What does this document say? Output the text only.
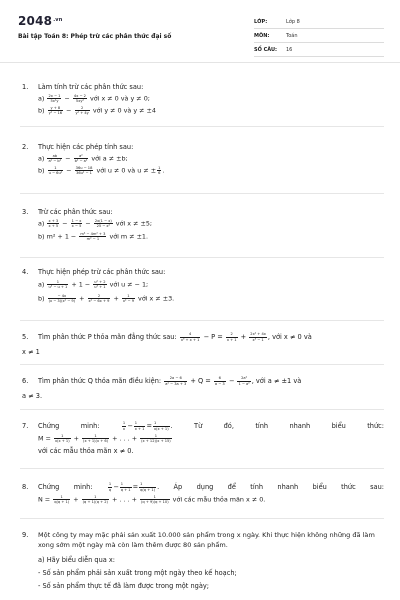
$2048^{.vn}$
Bài tập Toán 8: Phép trừ các phân thức đại số
LỚP:	Lớp 8
MÔN:	Toán
SỐ CÂU:	16
1. Làm tính trừ các phân thức sau:
$a) \frac{2x - 1}{\text{5x²y}} - \frac{4x - 2}{\text{5xy²}}$ với x ≠ 0 và y ≠ 0;
$b) \frac{y + 8}{\text{y² − 16}} - \frac{2}{\text{y² + 4y}}$ với y ≠ 0 và y ≠ ±4
2. Thực hiện các phép tính sau:
$a) \frac{ab}{\text{a² − b²}} - \frac{\text{a²}}{\text{b² − a²}}$ với a ≠ ±b;
$b) \frac{1}{\text{u − 6u²}} - \frac{36u - 18}{\text{36u² − 1}}$ với u ≠ 0 và u ≠ ± $\frac{1}{6}$ .
3. Trừ các phân thức sau:
$a) \frac{x + 3}{x + 5} - \frac{1 - x}{x - 5} - \frac{2x(1 - x)}{\text{25 − x²}}$ với x ≠ ±5;
b) $m^2 + 1 - \frac{\text{m⁴ − 4m² + 3}}{\text{m² − 1}}$ với m ≠ ±1.
4. Thực hiện phép trừ các phân thức sau:
$a) \frac{1}{\text{u³ − u + 1}} + 1 - \frac{\text{u² + 2}}{\text{u³ + 1}}$ với u ≠ − 1;
$b) \frac{- 4x}{\text{(x − 3)(x² − 9)}} + \frac{2}{\text{x² − 6x + 9}} + \frac{1}{\text{x² − 9}}$ với x ≠ ±3.
5. Tìm phân thức P thỏa mãn đẳng thức sau: $\frac{4}{\text{x³ + x + 1}} - P = \frac{2}{x + 1} + \frac{\text{2x² + 4x}}{\text{x³ − 1}}$ , với x ≠ 0 và
x ≠ 1
6. Tìm phân thức Q thỏa mãn điều kiện: $\frac{2a - 6}{\text{a² − 3a + 3}} + Q = \frac{6}{a - 3} - \frac{\text{2a²}}{\text{1 − a²}}$ , với a ≠ ±1 và
a ≠ 3.
7. Chứng	minh:	$\frac{1}{x} - \frac{1}{x + 1} = \frac{1}{x(x + 1)}$ . Từ	đó,	tính	nhanh	biểu	thức:
$M = \frac{1}{x(x + 1)} + \frac{1}{(x + 1)(x + 6)}$ + . . . + $\frac{1}{(x + 12)(x + 15)}$
với các mẫu thỏa mãn x ≠ 0.
8. Chứng minh:	$\frac{1}{q} - \frac{1}{q + 1} = \frac{1}{q(q + 1)}$ . Áp dụng để tính nhanh biểu thức sau:
$N = \frac{1}{q(q + 1)} + \frac{1}{(q + 1)(q + 2)}$ + . . . + $\frac{1}{(q + 9)(q + 10)}$ với các mẫu thỏa mãn x ≠ 0.
9. Một công ty may mặc phải sản xuất 10.000 sản phẩm trong x ngày. Khi thực hiện không những đã làm xong sớm một ngày mà còn làm thêm được 80 sản phẩm.
a) Hãy biểu diễn qua x:
- Số sản phẩm phải sản xuất trong một ngày theo kế hoạch;
- Số sản phẩm thực tế đã làm được trong một ngày;
